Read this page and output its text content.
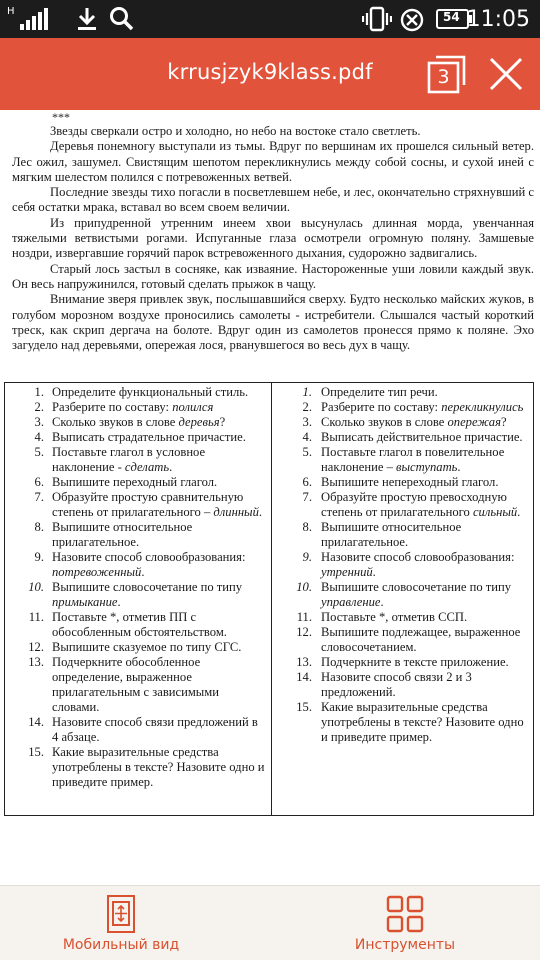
H	54 11:05
krrusjzyk9klass.pdf	3
***

Звезды сверкали остро и холодно, но небо на востоке стало светлеть.

Деревья понемногу выступали из тьмы. Вдруг по вершинам их прошелся сильный ветер. Лес ожил, зашумел. Свистящим шепотом перекликнулись между собой сосны, и сухой иней с мягким шелестом полился с потревоженных ветвей.

Последние звезды тихо погасли в посветлевшем небе, и лес, окончательно стряхнувший с себя остатки мрака, вставал во всем своем величии.

Из припудренной утренним инеем хвои высунулась длинная морда, увенчанная тяжелыми ветвистыми рогами. Испуганные глаза осмотрели огромную поляну. Замшевые ноздри, извергавшие горячий парок встревоженного дыхания, судорожно задвигались.

Старый лось застыл в сосняке, как изваяние. Настороженные уши ловили каждый звук. Он весь напружинился, готовый сделать прыжок в чащу.

Внимание зверя привлек звук, послышавшийся сверху. Будто несколько майских жуков, в голубом морозном воздухе проносились самолеты - истребители. Слышался частый короткий треск, как скрип дергача на болоте. Вдруг один из самолетов пронесся прямо к поляне. Эхо загудело над деревьями, опережая лося, рванувшегося во весь дух в чащу.

1. Определите функциональный стиль.
2. Разберите по составу: полился
3. Сколько звуков в слове деревья?
4. Выписать страдательное причастие.
5. Поставьте глагол в условное наклонение - сделать.
6. Выпишите переходный глагол.
7. Образуйте простую сравнительную степень от прилагательного – длинный.
8. Выпишите относительное прилагательное.
9. Назовите способ словообразования: потревоженный.
10. Выпишите словосочетание по типу примыкание.
11. Поставьте *, отметив ПП с обособленным обстоятельством.
12. Выпишите сказуемое по типу СГС.
13. Подчеркните обособленное определение, выраженное прилагательным с зависимыми словами.
14. Назовите способ связи предложений в 4 абзаце.
15. Какие выразительные средства употреблены в тексте? Назовите одно и приведите пример.
1. Определите тип речи.
2. Разберите по составу: перекликнулись
3. Сколько звуков в слове опережая?
4. Выписать действительное причастие.
5. Поставьте глагол в повелительное наклонение – выступать.
6. Выпишите непереходный глагол.
7. Образуйте простую превосходную степень от прилагательного сильный.
8. Выпишите относительное прилагательное.
9. Назовите способ словообразования: утренний.
10. Выпишите словосочетание по типу управление.
11. Поставьте *, отметив ССП.
12. Выпишите подлежащее, выраженное словосочетанием.
13. Подчеркните в тексте приложение.
14. Назовите способ связи 2 и 3 предложений.
15. Какие выразительные средства употреблены в тексте? Назовите одно и приведите пример.
Мобильный вид	Инструменты
